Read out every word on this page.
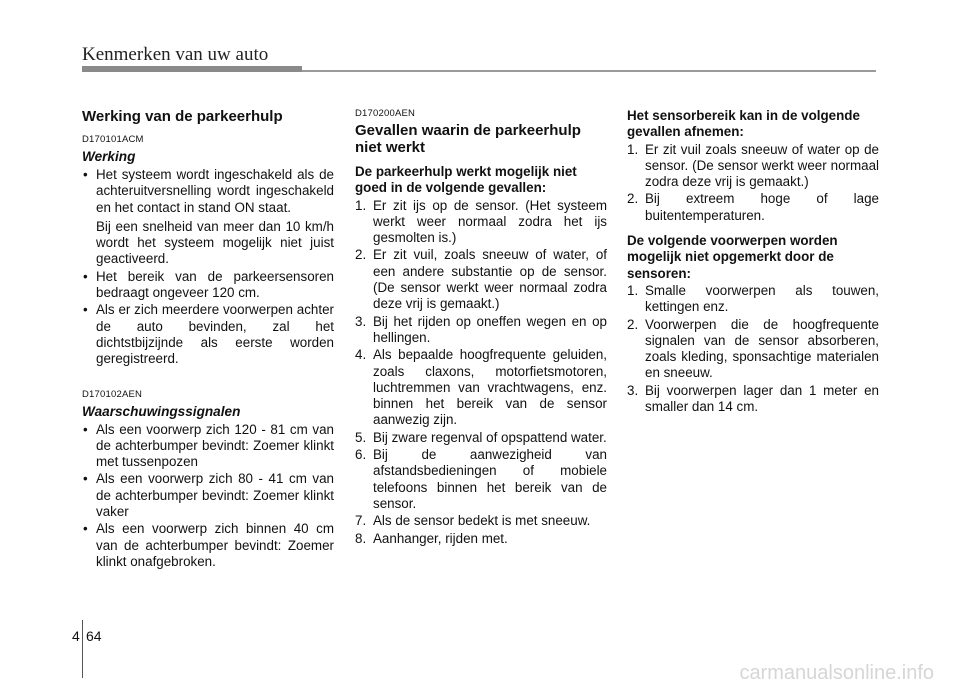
Kenmerken van uw auto
Werking van de parkeerhulp
D170101ACM
Werking
• Het systeem wordt ingeschakeld als de achteruitversnelling wordt ingeschakeld en het contact in stand ON staat.
Bij een snelheid van meer dan 10 km/h wordt het systeem mogelijk niet juist geactiveerd.
• Het bereik van de parkeersensoren bedraagt ongeveer 120 cm.
• Als er zich meerdere voorwerpen achter de auto bevinden, zal het dichtstbijzijnde als eerste worden geregistreerd.
D170102AEN
Waarschuwingssignalen
• Als een voorwerp zich 120 - 81 cm van de achterbumper bevindt: Zoemer klinkt met tussenpozen
• Als een voorwerp zich 80 - 41 cm van de achterbumper bevindt: Zoemer klinkt vaker
• Als een voorwerp zich binnen 40 cm van de achterbumper bevindt: Zoemer klinkt onafgebroken.
D170200AEN
Gevallen waarin de parkeerhulp niet werkt
De parkeerhulp werkt mogelijk niet goed in de volgende gevallen:
1. Er zit ijs op de sensor. (Het systeem werkt weer normaal zodra het ijs gesmolten is.)
2. Er zit vuil, zoals sneeuw of water, of een andere substantie op de sensor. (De sensor werkt weer normaal zodra deze vrij is gemaakt.)
3. Bij het rijden op oneffen wegen en op hellingen.
4. Als bepaalde hoogfrequente geluiden, zoals claxons, motorfietsmotoren, luchtremmen van vrachtwagens, enz. binnen het bereik van de sensor aanwezig zijn.
5. Bij zware regenval of opspattend water.
6. Bij de aanwezigheid van afstandsbedieningen of mobiele telefoons binnen het bereik van de sensor.
7. Als de sensor bedekt is met sneeuw.
8. Aanhanger, rijden met.
Het sensorbereik kan in de volgende gevallen afnemen:
1. Er zit vuil zoals sneeuw of water op de sensor. (De sensor werkt weer normaal zodra deze vrij is gemaakt.)
2. Bij extreem hoge of lage buitentemperaturen.
De volgende voorwerpen worden mogelijk niet opgemerkt door de sensoren:
1. Smalle voorwerpen als touwen, kettingen enz.
2. Voorwerpen die de hoogfrequente signalen van de sensor absorberen, zoals kleding, sponsachtige materialen en sneeuw.
3. Bij voorwerpen lager dan 1 meter en smaller dan 14 cm.
4 64
carmanualsonline.info
